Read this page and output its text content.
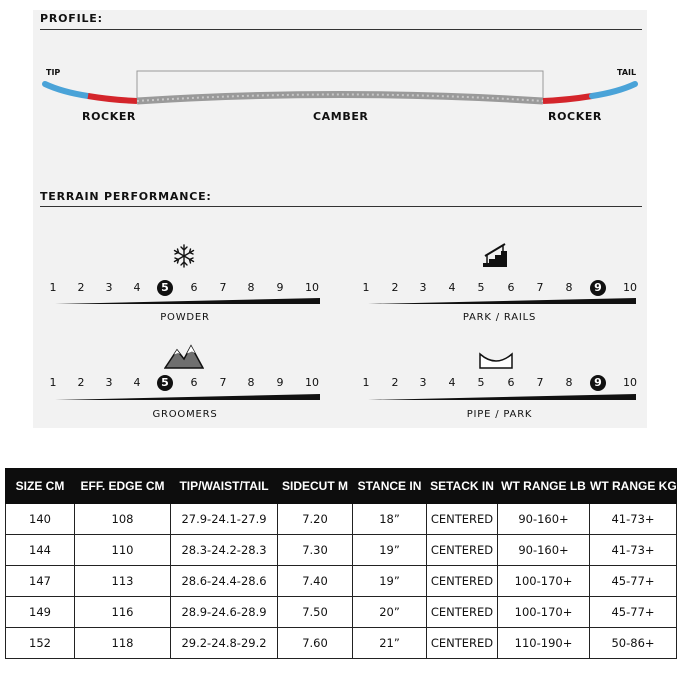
PROFILE:
TIP	TAIL
ROCKER	CAMBER	ROCKER
TERRAIN PERFORMANCE:
1	2	3	4	5	6	7	8	9	10
POWDER
1	2	3	4	5	6	7	8	9	10
PARK / RAILS
1	2	3	4	5	6	7	8	9	10
GROOMERS
1	2	3	4	5	6	7	8	9	10
PIPE / PARK
SIZE CM	EFF. EDGE CM	TIP/WAIST/TAIL	SIDECUT M	STANCE IN	SETACK IN	WT RANGE LB	WT RANGE KG
140	108	27.9-24.1-27.9	7.20	18”	CENTERED	90-160+	41-73+
144	110	28.3-24.2-28.3	7.30	19”	CENTERED	90-160+	41-73+
147	113	28.6-24.4-28.6	7.40	19”	CENTERED	100-170+	45-77+
149	116	28.9-24.6-28.9	7.50	20”	CENTERED	100-170+	45-77+
152	118	29.2-24.8-29.2	7.60	21”	CENTERED	110-190+	50-86+
